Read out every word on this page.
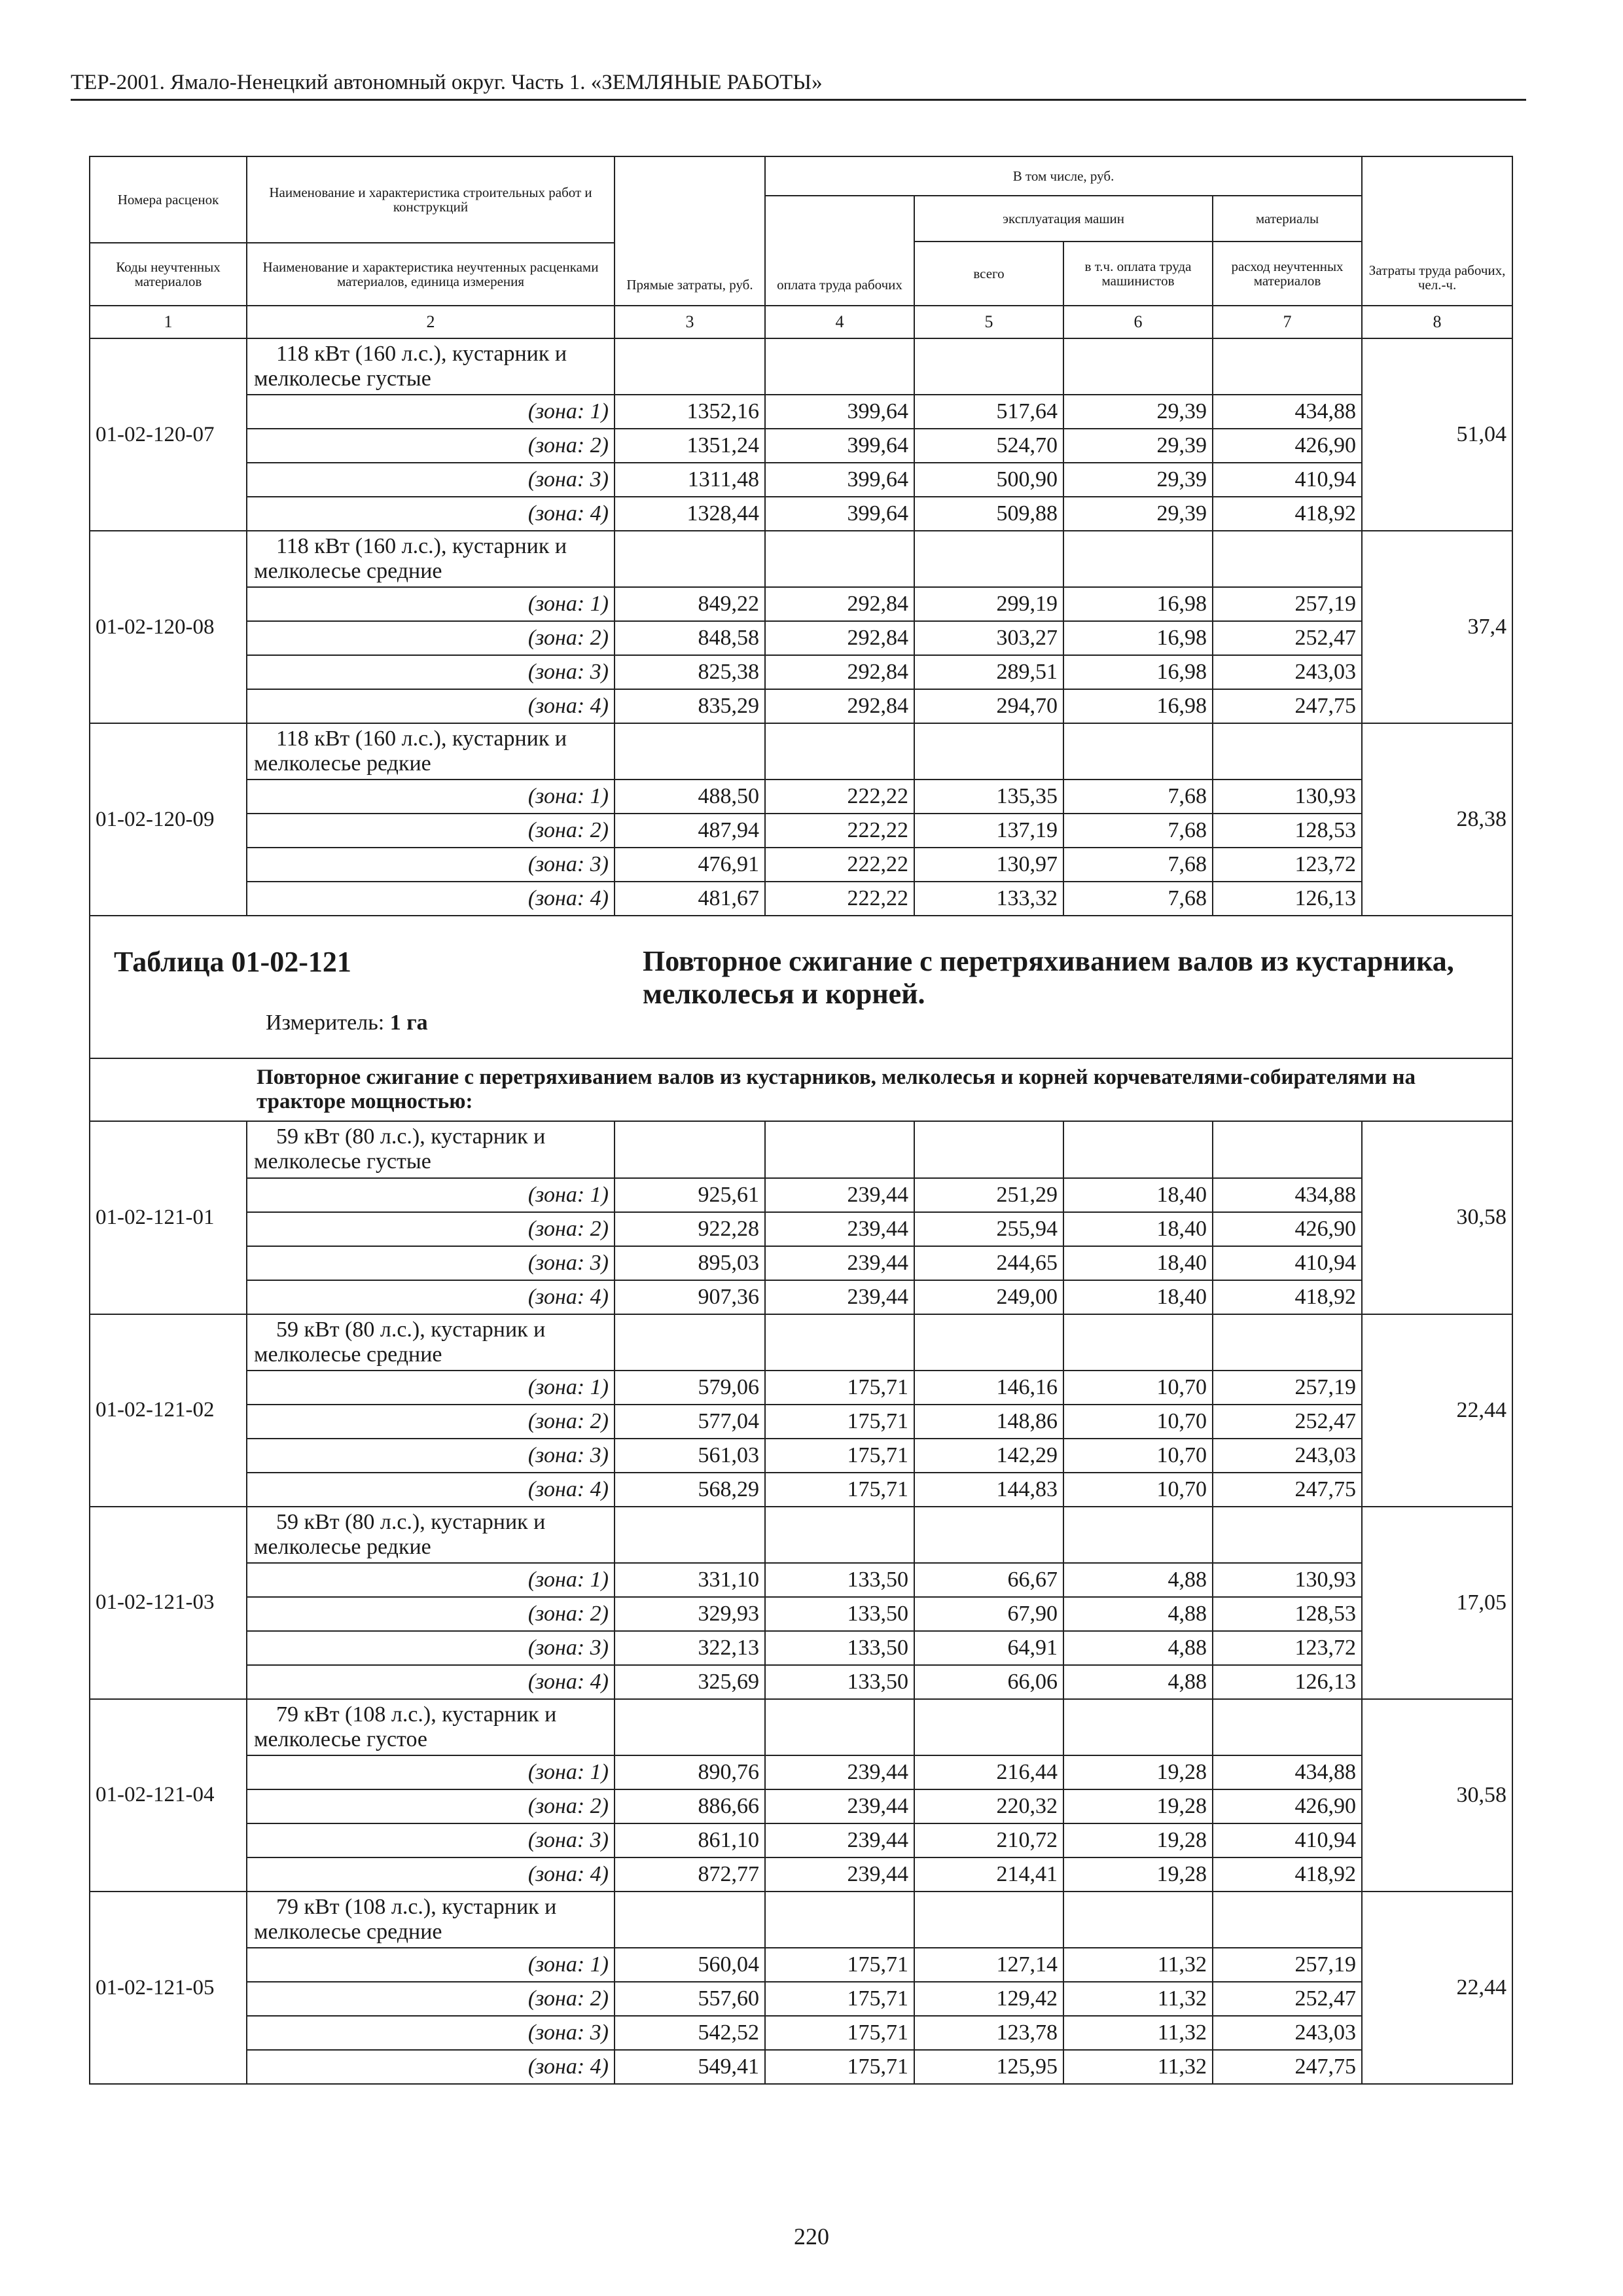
ТЕР-2001. Ямало-Ненецкий автономный округ. Часть 1. «ЗЕМЛЯНЫЕ РАБОТЫ»
Номера расценок	Наименование и характеристика строительных работ и конструкций	Прямые затраты, руб.	В том числе, руб.				Затраты труда рабочих, чел.-ч.
			оплата труда рабочих	эксплуатация машин		материалы	
				всего	в т.ч. оплата труда машинистов	расход неучтенных материалов	
Коды неучтенных материалов	Наименование и характеристика неучтенных расценками материалов, единица измерения						
1	2	3	4	5	6	7	8
01-02-120-07	118 кВт (160 л.с.), кустарник и мелколесье густые						51,04
	(зона: 1)	1352,16	399,64	517,64	29,39	434,88	
	(зона: 2)	1351,24	399,64	524,70	29,39	426,90	
	(зона: 3)	1311,48	399,64	500,90	29,39	410,94	
	(зона: 4)	1328,44	399,64	509,88	29,39	418,92	
01-02-120-08	118 кВт (160 л.с.), кустарник и мелколесье средние						37,4
	(зона: 1)	849,22	292,84	299,19	16,98	257,19	
	(зона: 2)	848,58	292,84	303,27	16,98	252,47	
	(зона: 3)	825,38	292,84	289,51	16,98	243,03	
	(зона: 4)	835,29	292,84	294,70	16,98	247,75	
01-02-120-09	118 кВт (160 л.с.), кустарник и мелколесье редкие						28,38
	(зона: 1)	488,50	222,22	135,35	7,68	130,93	
	(зона: 2)	487,94	222,22	137,19	7,68	128,53	
	(зона: 3)	476,91	222,22	130,97	7,68	123,72	
	(зона: 4)	481,67	222,22	133,32	7,68	126,13	

Таблица 01-02-121 Повторное сжигание с перетряхиванием валов из кустарника, мелколесья и корней.
Измеритель: 1 га							

Повторное сжигание с перетряхиванием валов из кустарников, мелколесья и корней корчевателями-собирателями на тракторе мощностью:							
01-02-121-01	59 кВт (80 л.с.), кустарник и мелколесье густые						30,58
	(зона: 1)	925,61	239,44	251,29	18,40	434,88	
	(зона: 2)	922,28	239,44	255,94	18,40	426,90	
	(зона: 3)	895,03	239,44	244,65	18,40	410,94	
	(зона: 4)	907,36	239,44	249,00	18,40	418,92	
01-02-121-02	59 кВт (80 л.с.), кустарник и мелколесье средние						22,44
	(зона: 1)	579,06	175,71	146,16	10,70	257,19	
	(зона: 2)	577,04	175,71	148,86	10,70	252,47	
	(зона: 3)	561,03	175,71	142,29	10,70	243,03	
	(зона: 4)	568,29	175,71	144,83	10,70	247,75	
01-02-121-03	59 кВт (80 л.с.), кустарник и мелколесье редкие						17,05
	(зона: 1)	331,10	133,50	66,67	4,88	130,93	
	(зона: 2)	329,93	133,50	67,90	4,88	128,53	
	(зона: 3)	322,13	133,50	64,91	4,88	123,72	
	(зона: 4)	325,69	133,50	66,06	4,88	126,13	
01-02-121-04	79 кВт (108 л.с.), кустарник и мелколесье густое						30,58
	(зона: 1)	890,76	239,44	216,44	19,28	434,88	
	(зона: 2)	886,66	239,44	220,32	19,28	426,90	
	(зона: 3)	861,10	239,44	210,72	19,28	410,94	
	(зона: 4)	872,77	239,44	214,41	19,28	418,92	
01-02-121-05	79 кВт (108 л.с.), кустарник и мелколесье средние						22,44
	(зона: 1)	560,04	175,71	127,14	11,32	257,19	
	(зона: 2)	557,60	175,71	129,42	11,32	252,47	
	(зона: 3)	542,52	175,71	123,78	11,32	243,03	
	(зона: 4)	549,41	175,71	125,95	11,32	247,75	
220
